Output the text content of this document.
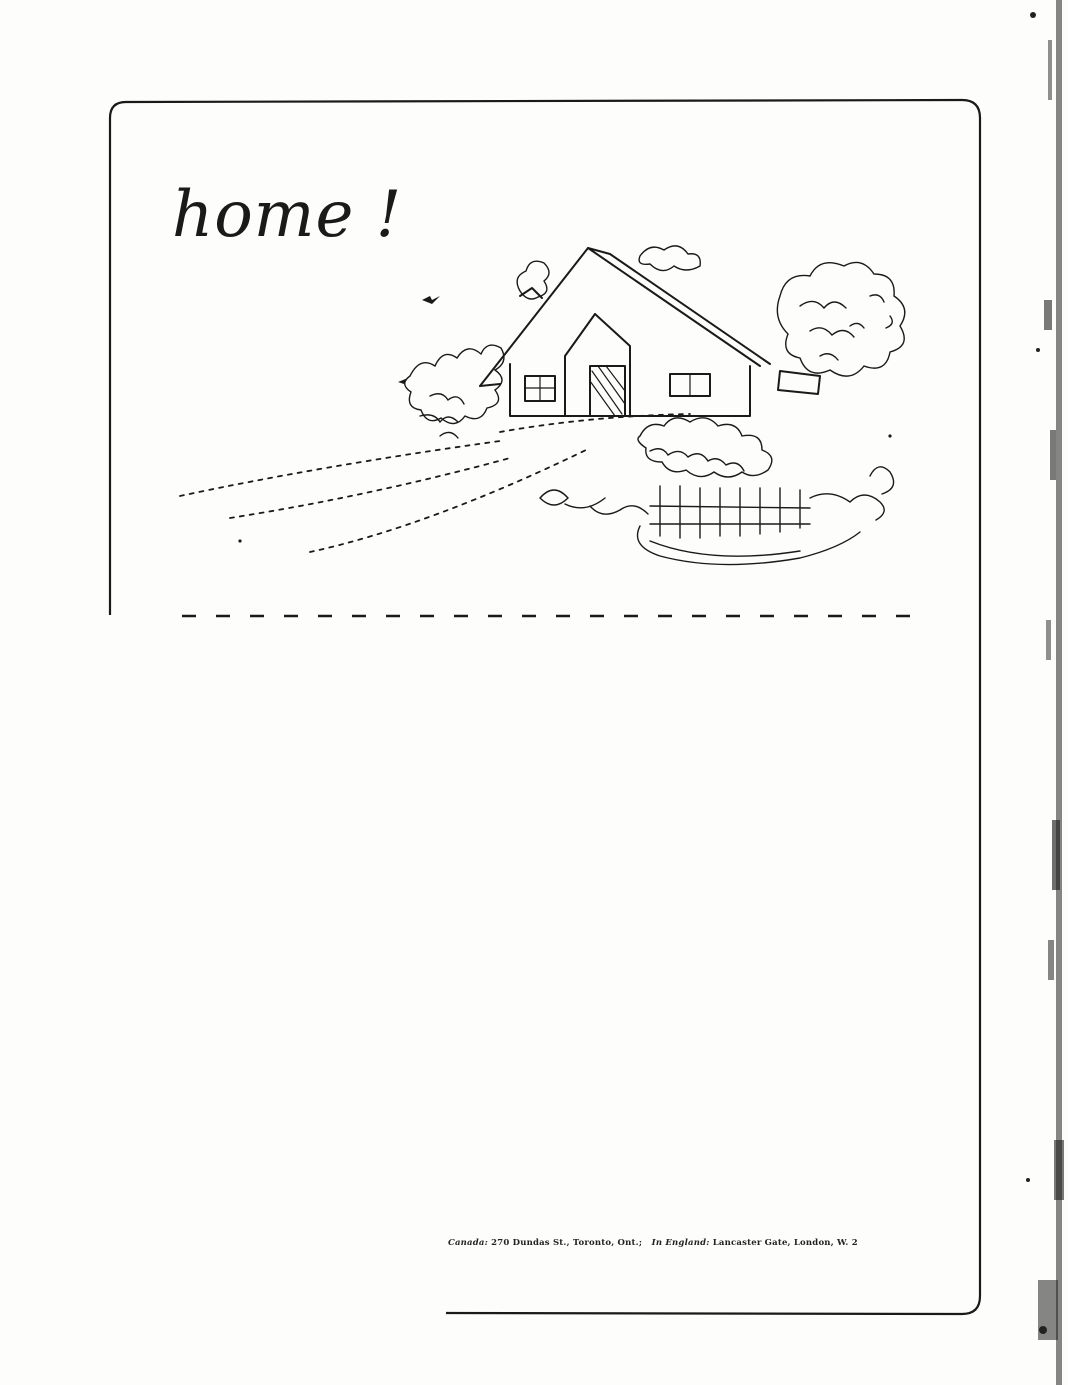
home !
Canada: 270 Dundas St., Toronto, Ont.; In England: Lancaster Gate, London, W. 2
